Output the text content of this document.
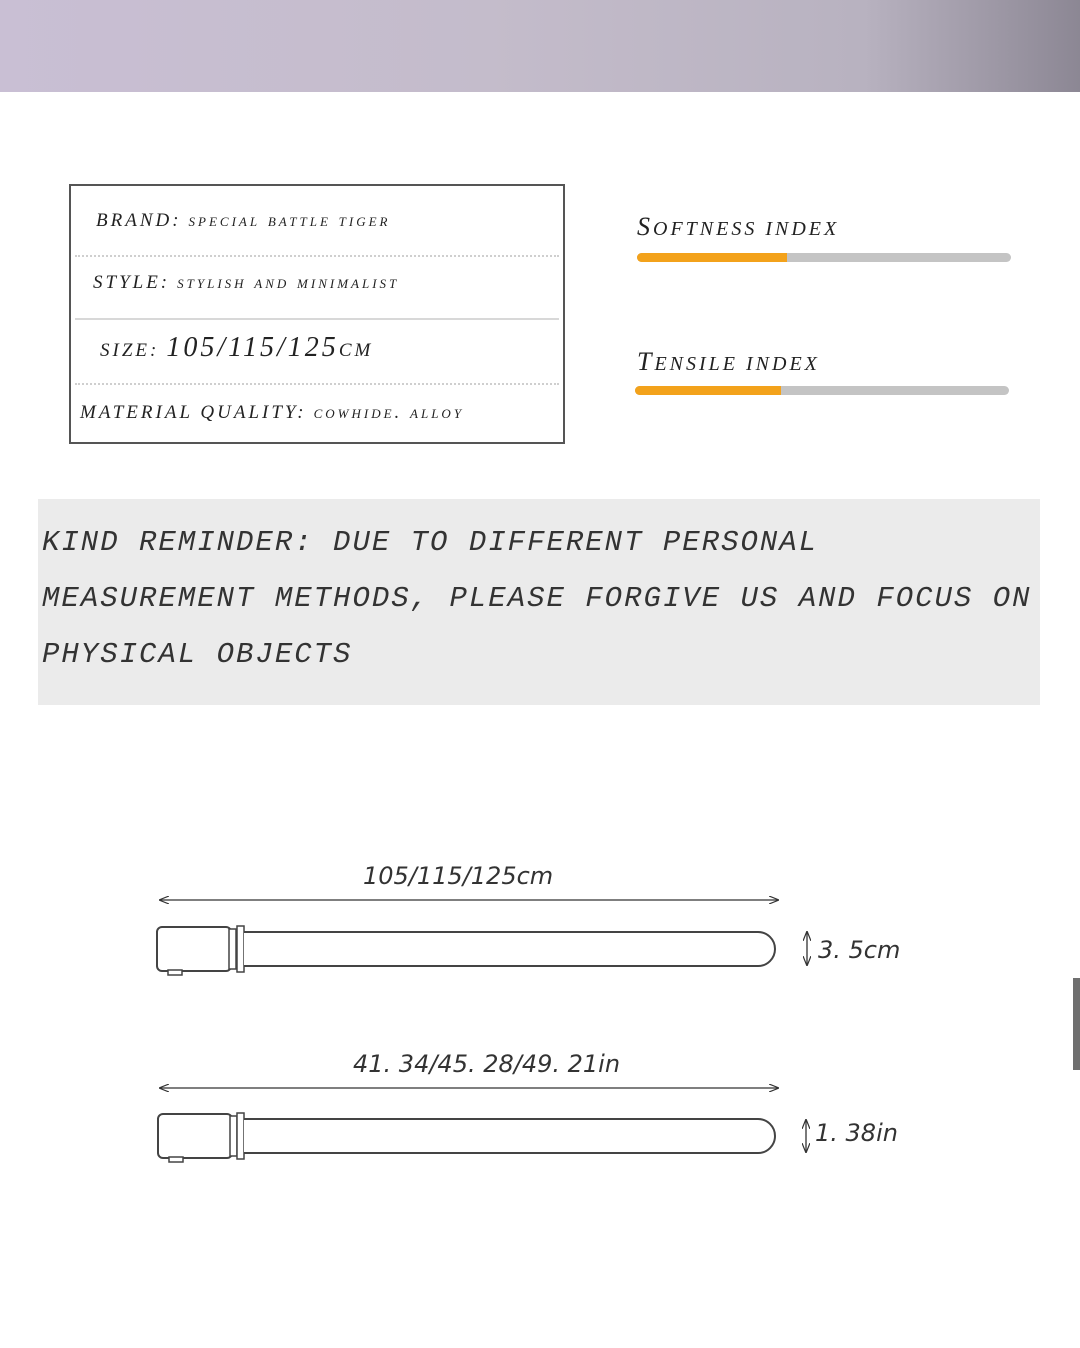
BRAND: special battle tiger
STYLE: stylish and minimalist
SIZE: 105/115/125CM
MATERIAL QUALITY: cowhide. alloy
SOFTNESS INDEX
TENSILE INDEX
KIND REMINDER: DUE TO DIFFERENT PERSONAL MEASUREMENT METHODS, PLEASE FORGIVE US AND FOCUS ON PHYSICAL OBJECTS
105/115/125cm
3. 5cm
41. 34/45. 28/49. 21in
1. 38in
